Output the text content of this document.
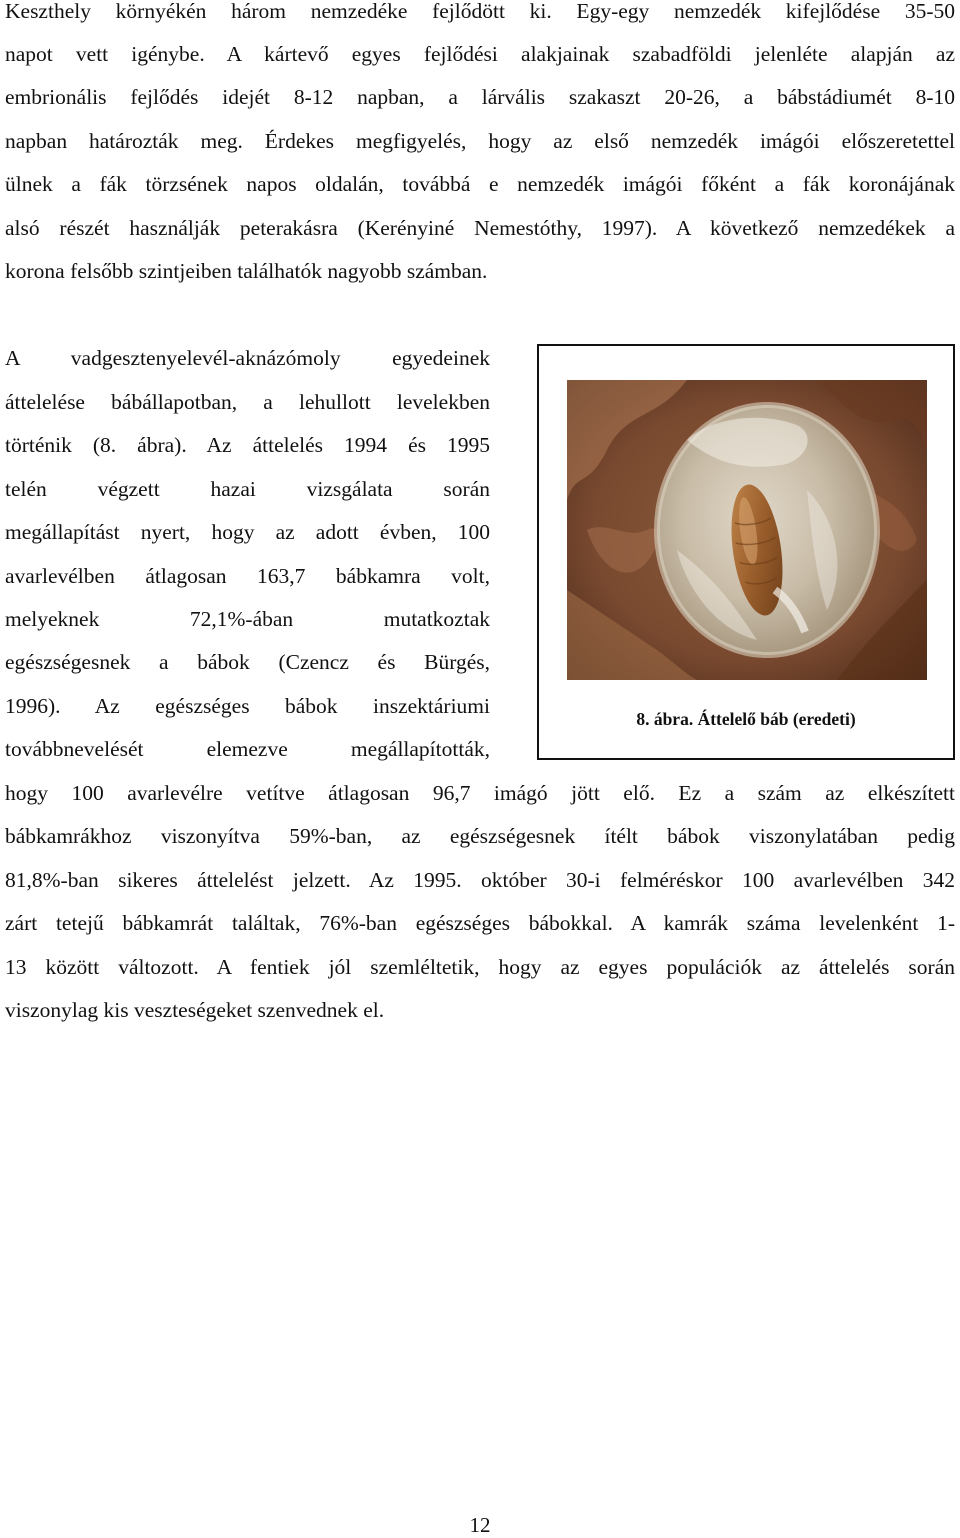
Keszthely környékén három nemzedéke fejlődött ki. Egy-egy nemzedék kifejlődése 35-50
napot vett igénybe. A kártevő egyes fejlődési alakjainak szabadföldi jelenléte alapján az
embrionális fejlődés idejét 8-12 napban, a lárvális szakaszt 20-26, a bábstádiumét 8-10
napban határozták meg. Érdekes megfigyelés, hogy az első nemzedék imágói előszeretettel
ülnek a fák törzsének napos oldalán, továbbá e nemzedék imágói főként a fák koronájának
alsó részét használják peterakásra (Kerényiné Nemestóthy, 1997). A következő nemzedékek a
korona felsőbb szintjeiben találhatók nagyobb számban.
A vadgesztenyelevél-aknázómoly egyedeinek
áttelelése bábállapotban, a lehullott levelekben
történik (8. ábra). Az áttelelés 1994 és 1995
telén végzett hazai vizsgálata során
megállapítást nyert, hogy az adott évben, 100
avarlevélben átlagosan 163,7 bábkamra volt,
melyeknek 72,1%-ában mutatkoztak
egészségesnek a bábok (Czencz és Bürgés,
1996). Az egészséges bábok inszektáriumi
továbbnevelését elemezve megállapították,
hogy 100 avarlevélre vetítve átlagosan 96,7 imágó jött elő. Ez a szám az elkészített
bábkamrákhoz viszonyítva 59%-ban, az egészségesnek ítélt bábok viszonylatában pedig
81,8%-ban sikeres áttelelést jelzett. Az 1995. október 30-i felméréskor 100 avarlevélben 342
zárt tetejű bábkamrát találtak, 76%-ban egészséges bábokkal. A kamrák száma levelenként 1-
13 között változott. A fentiek jól szemléltetik, hogy az egyes populációk az áttelelés során
viszonylag kis veszteségeket szenvednek el.
8. ábra. Áttelelő báb (eredeti)
12
